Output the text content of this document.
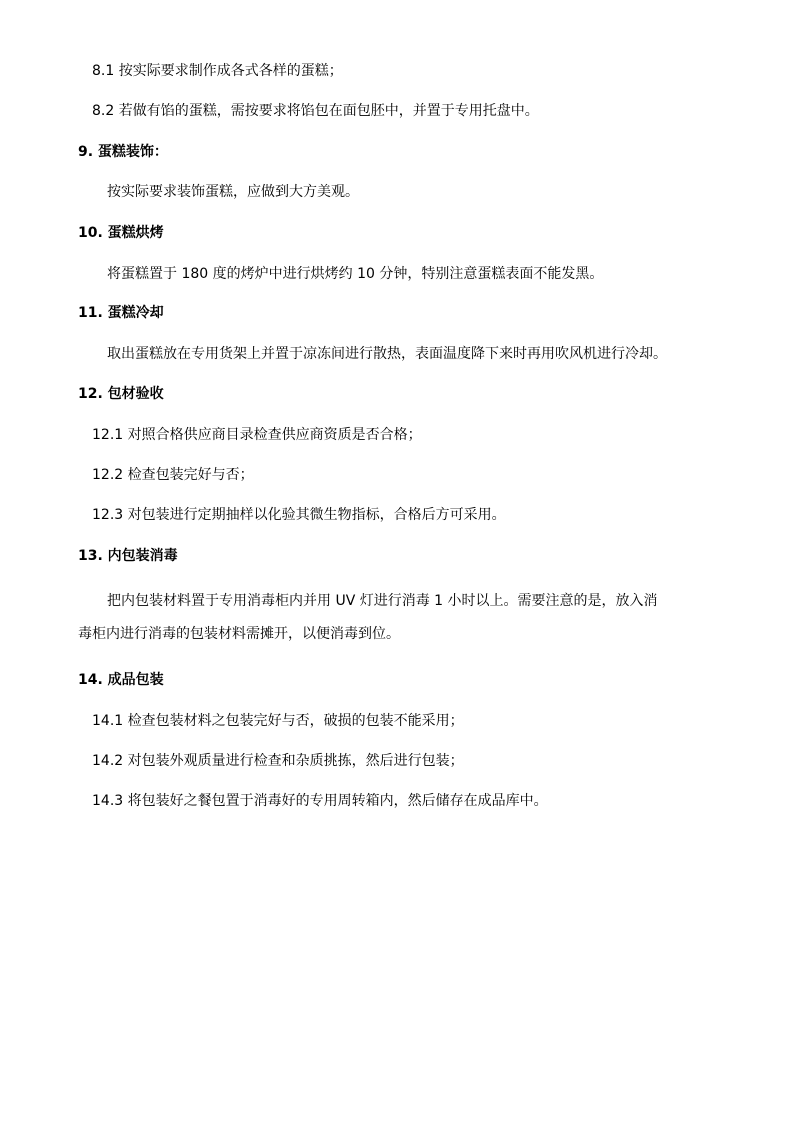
8.1 按实际要求制作成各式各样的蛋糕；
8.2 若做有馅的蛋糕，需按要求将馅包在面包胚中，并置于专用托盘中。
9. 蛋糕装饰：
按实际要求装饰蛋糕，应做到大方美观。
10. 蛋糕烘烤
将蛋糕置于 180 度的烤炉中进行烘烤约 10 分钟，特别注意蛋糕表面不能发黑。
11. 蛋糕冷却
取出蛋糕放在专用货架上并置于凉冻间进行散热，表面温度降下来时再用吹风机进行冷却。
12. 包材验收
12.1 对照合格供应商目录检查供应商资质是否合格；
12.2 检查包装完好与否；
12.3 对包装进行定期抽样以化验其微生物指标，合格后方可采用。
13. 内包装消毒
把内包装材料置于专用消毒柜内并用 UV 灯进行消毒 1 小时以上。需要注意的是，放入消
毒柜内进行消毒的包装材料需摊开，以便消毒到位。
14. 成品包装
14.1 检查包装材料之包装完好与否，破损的包装不能采用；
14.2 对包装外观质量进行检查和杂质挑拣，然后进行包装；
14.3 将包装好之餐包置于消毒好的专用周转箱内，然后储存在成品库中。
